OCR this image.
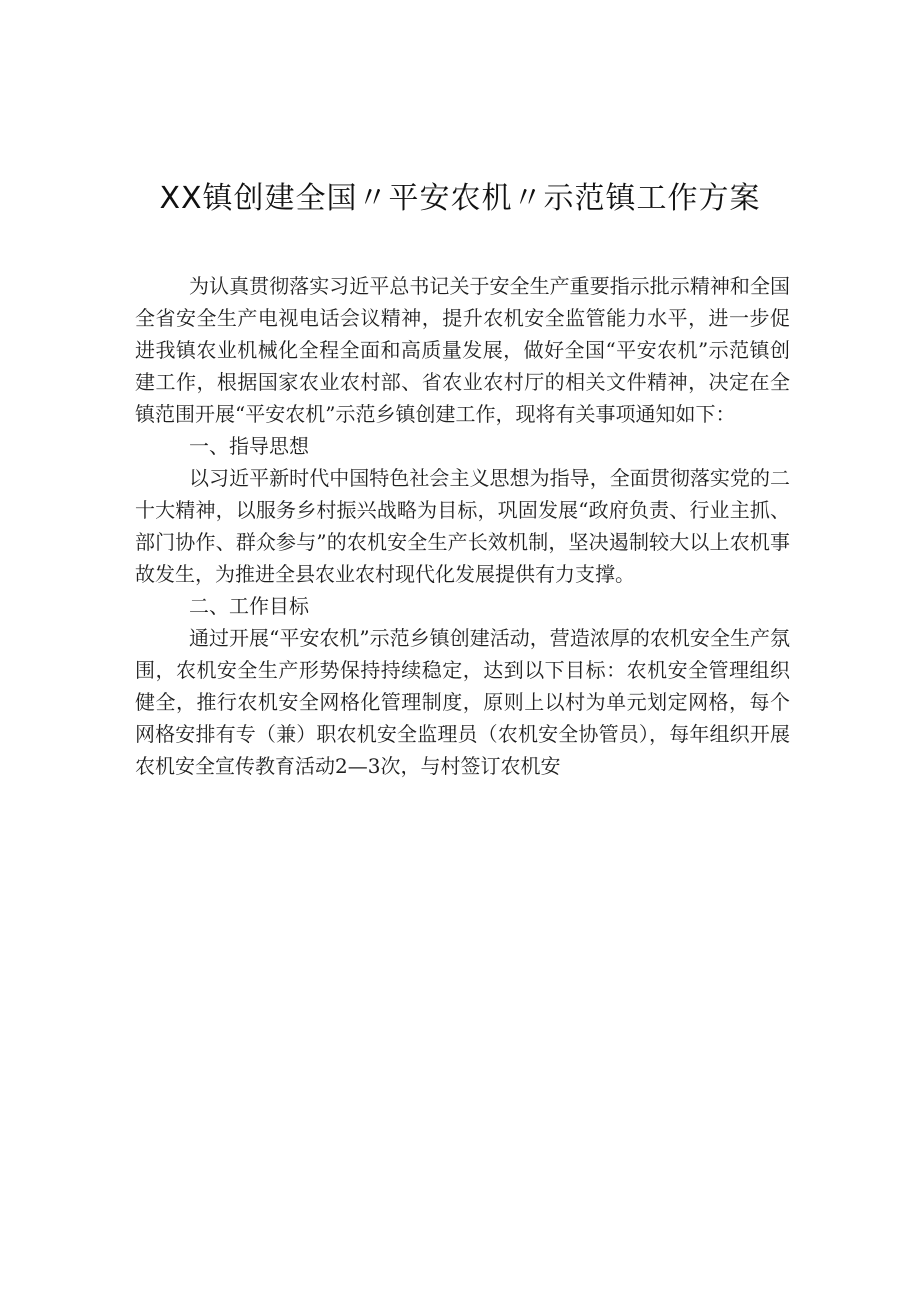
XX镇创建全国〃平安农机〃示范镇工作方案

为认真贯彻落实习近平总书记关于安全生产重要指示批示精神和全国全省安全生产电视电话会议精神，提升农机安全监管能力水平，进一步促进我镇农业机械化全程全面和高质量发展，做好全国“平安农机”示范镇创建工作，根据国家农业农村部、省农业农村厅的相关文件精神，决定在全镇范围开展“平安农机”示范乡镇创建工作，现将有关事项通知如下：

一、指导思想

以习近平新时代中国特色社会主义思想为指导，全面贯彻落实党的二十大精神，以服务乡村振兴战略为目标，巩固发展“政府负责、行业主抓、部门协作、群众参与”的农机安全生产长效机制，坚决遏制较大以上农机事故发生，为推进全县农业农村现代化发展提供有力支撑。

二、工作目标

通过开展“平安农机”示范乡镇创建活动，营造浓厚的农机安全生产氛围，农机安全生产形势保持持续稳定，达到以下目标：农机安全管理组织健全，推行农机安全网格化管理制度，原则上以村为单元划定网格，每个网格安排有专（兼）职农机安全监理员（农机安全协管员），每年组织开展农机安全宣传教育活动2—3次，与村签订农机安
